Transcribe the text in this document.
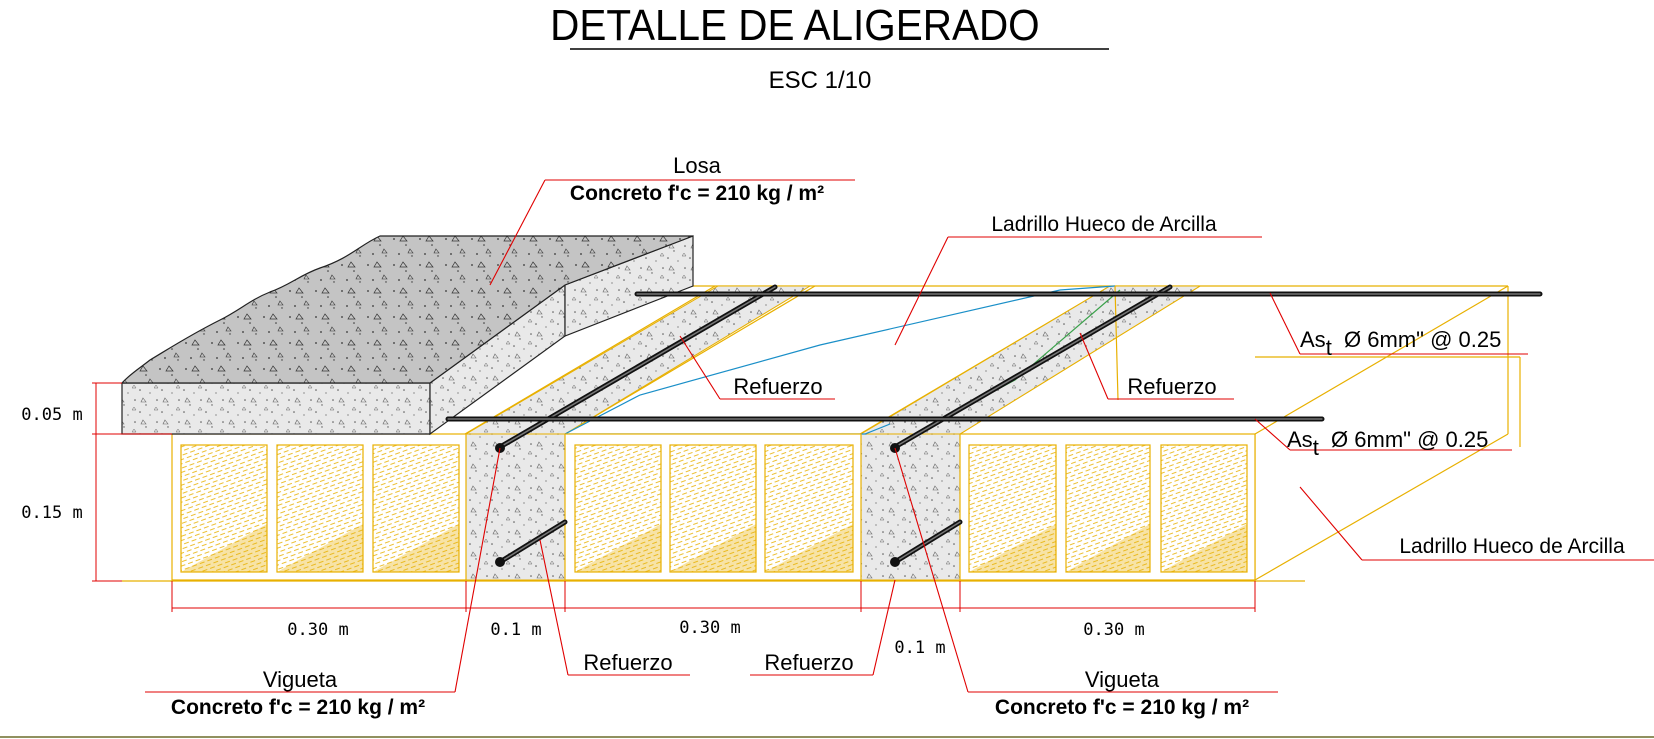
DETALLE DE ALIGERADO
ESC 1/10
0.05 m
0.15 m
0.30 m	0.1 m	0.30 m
0.1 m
0.30 m
Losa
Concreto f'c = 210 kg / m²
Ladrillo Hueco de Arcilla
Ladrillo Hueco de Arcilla
Refuerzo	Refuerzo
Refuerzo	Refuerzo
Ast  Ø 6mm" @ 0.25
Ast  Ø 6mm" @ 0.25
Vigueta
Concreto f'c = 210 kg / m²
Vigueta
Concreto f'c = 210 kg / m²
